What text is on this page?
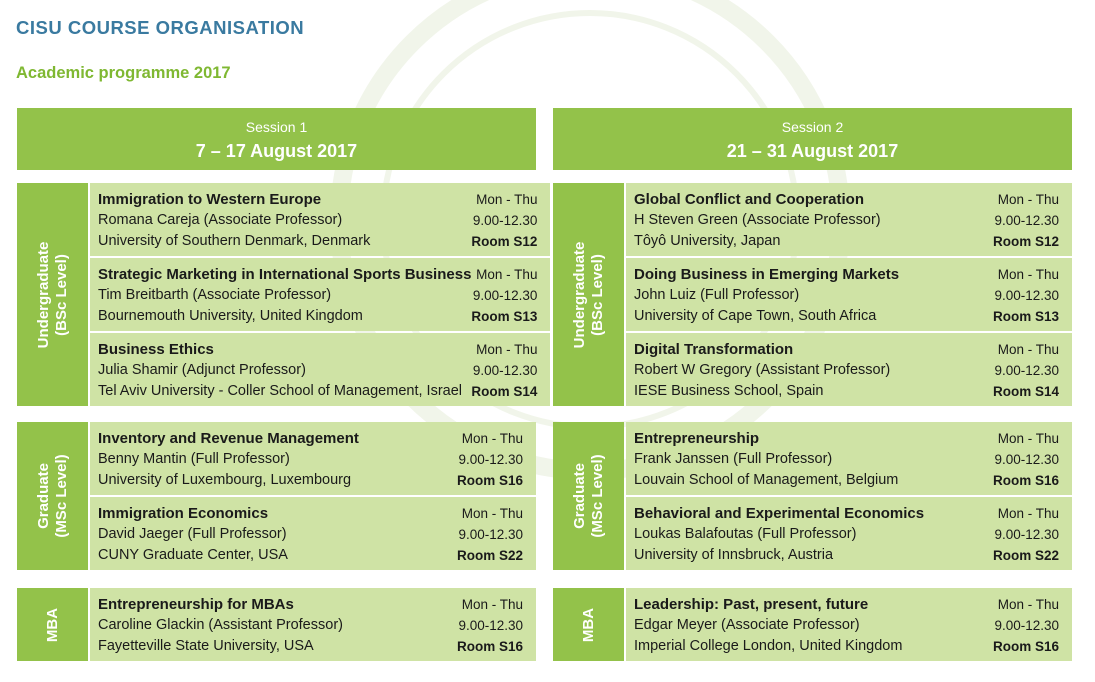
CISU COURSE ORGANISATION
Academic programme 2017
Session 1
7 – 17 August 2017
Undergraduate (BSc Level)
Immigration to Western Europe
Romana Careja (Associate Professor)
University of Southern Denmark, Denmark
Mon - Thu
9.00-12.30
Room S12
Strategic Marketing in International Sports Business
Tim Breitbarth (Associate Professor)
Bournemouth University, United Kingdom
Mon - Thu
9.00-12.30
Room S13
Business Ethics
Julia Shamir (Adjunct Professor)
Tel Aviv University - Coller School of Management, Israel
Mon - Thu
9.00-12.30
Room S14
Graduate (MSc Level)
Inventory and Revenue Management
Benny Mantin (Full Professor)
University of Luxembourg, Luxembourg
Mon - Thu
9.00-12.30
Room S16
Immigration Economics
David Jaeger (Full Professor)
CUNY Graduate Center, USA
Mon - Thu
9.00-12.30
Room S22
MBA
Entrepreneurship for MBAs
Caroline Glackin (Assistant Professor)
Fayetteville State University, USA
Mon - Thu
9.00-12.30
Room S16
Session 2
21 – 31 August 2017
Undergraduate (BSc Level)
Global Conflict and Cooperation
H Steven Green (Associate Professor)
Tôyô University, Japan
Mon - Thu
9.00-12.30
Room S12
Doing Business in Emerging Markets
John Luiz (Full Professor)
University of Cape Town, South Africa
Mon - Thu
9.00-12.30
Room S13
Digital Transformation
Robert W Gregory (Assistant Professor)
IESE Business School, Spain
Mon - Thu
9.00-12.30
Room S14
Graduate (MSc Level)
Entrepreneurship
Frank Janssen (Full Professor)
Louvain School of Management, Belgium
Mon - Thu
9.00-12.30
Room S16
Behavioral and Experimental Economics
Loukas Balafoutas (Full Professor)
University of Innsbruck, Austria
Mon - Thu
9.00-12.30
Room S22
MBA
Leadership: Past, present, future
Edgar Meyer (Associate Professor)
Imperial College London, United Kingdom
Mon - Thu
9.00-12.30
Room S16
